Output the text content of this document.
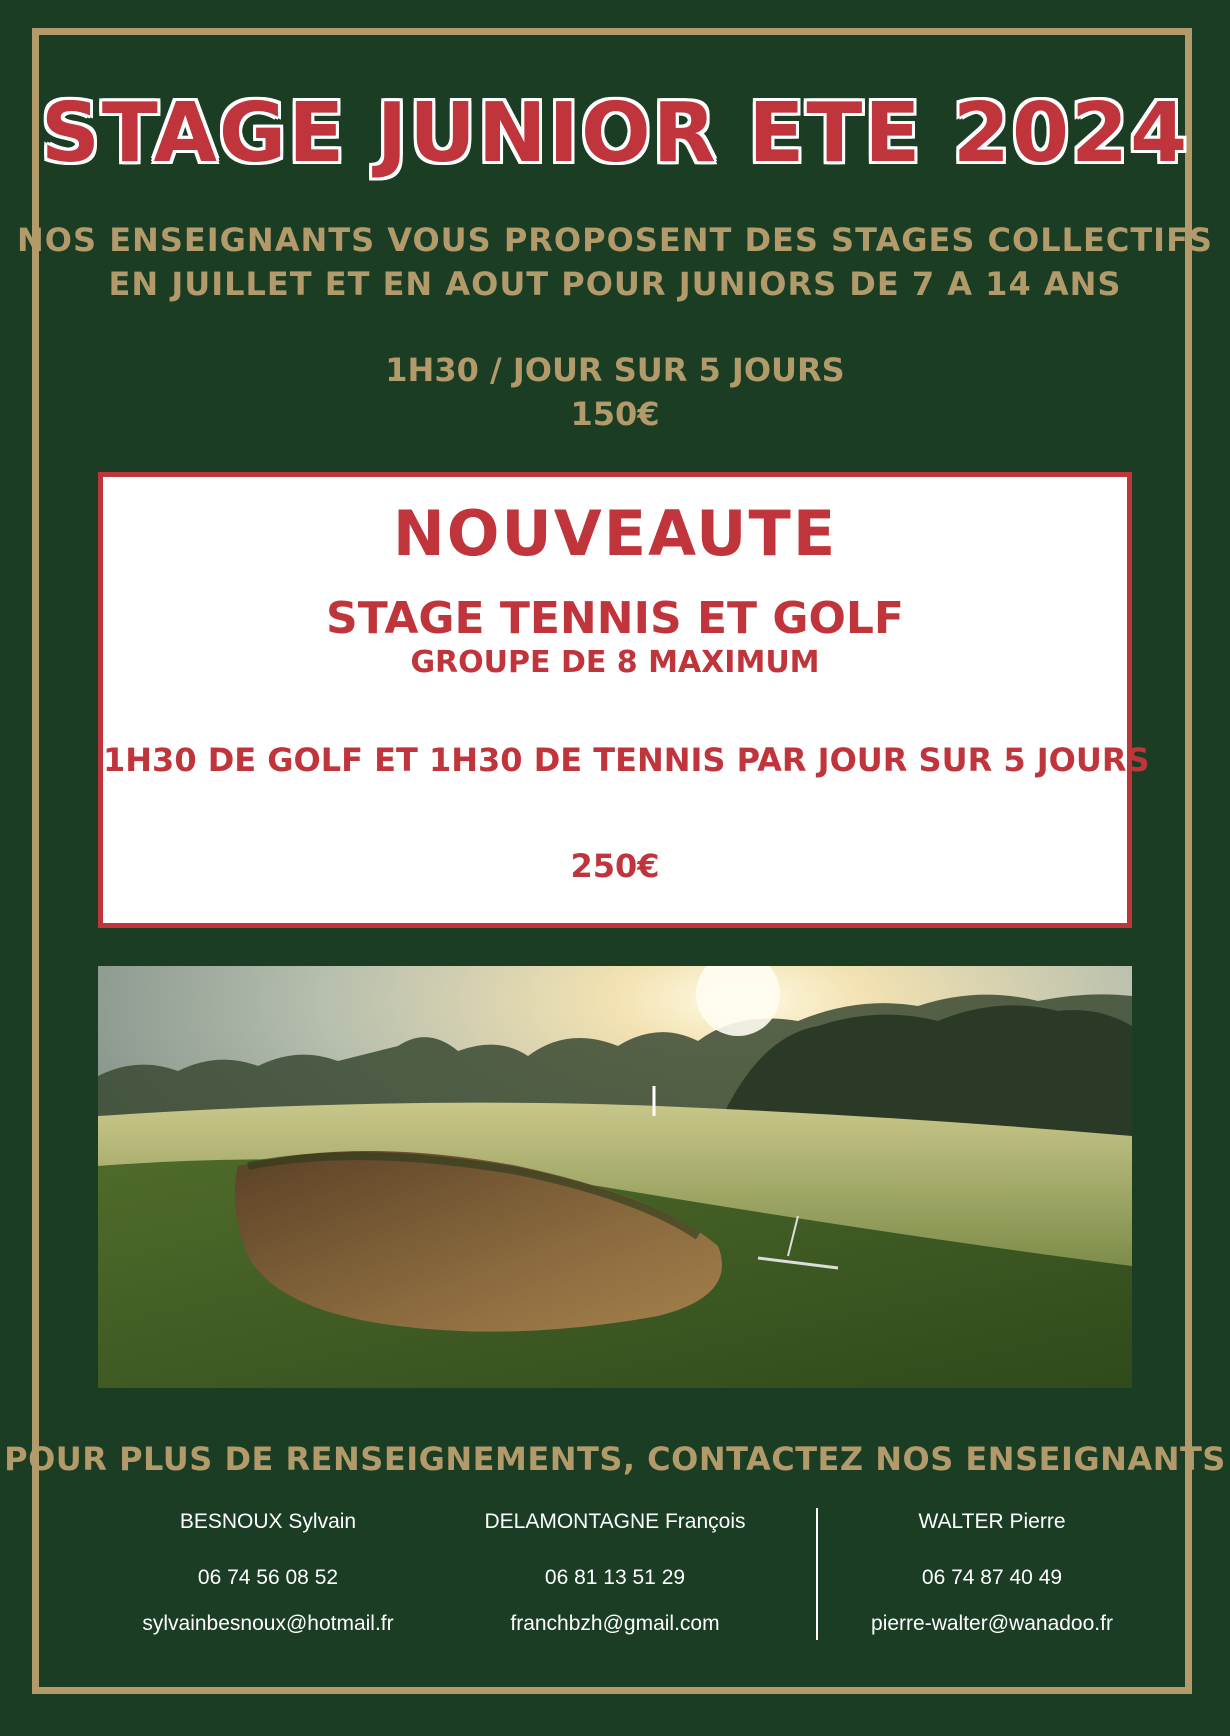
STAGE JUNIOR ETE 2024
NOS ENSEIGNANTS VOUS PROPOSENT DES STAGES COLLECTIFS
EN JUILLET ET EN AOUT POUR JUNIORS DE 7 A 14 ANS
1H30 / JOUR SUR 5 JOURS
150€
NOUVEAUTE
STAGE TENNIS ET GOLF
GROUPE DE 8 MAXIMUM
1H30 DE GOLF ET 1H30 DE TENNIS PAR JOUR SUR 5 JOURS
250€
POUR PLUS DE RENSEIGNEMENTS, CONTACTEZ NOS ENSEIGNANTS
BESNOUX Sylvain
06 74 56 08 52
sylvainbesnoux@hotmail.fr
DELAMONTAGNE François
06 81 13 51 29
franchbzh@gmail.com
WALTER Pierre
06 74 87 40 49
pierre-walter@wanadoo.fr
